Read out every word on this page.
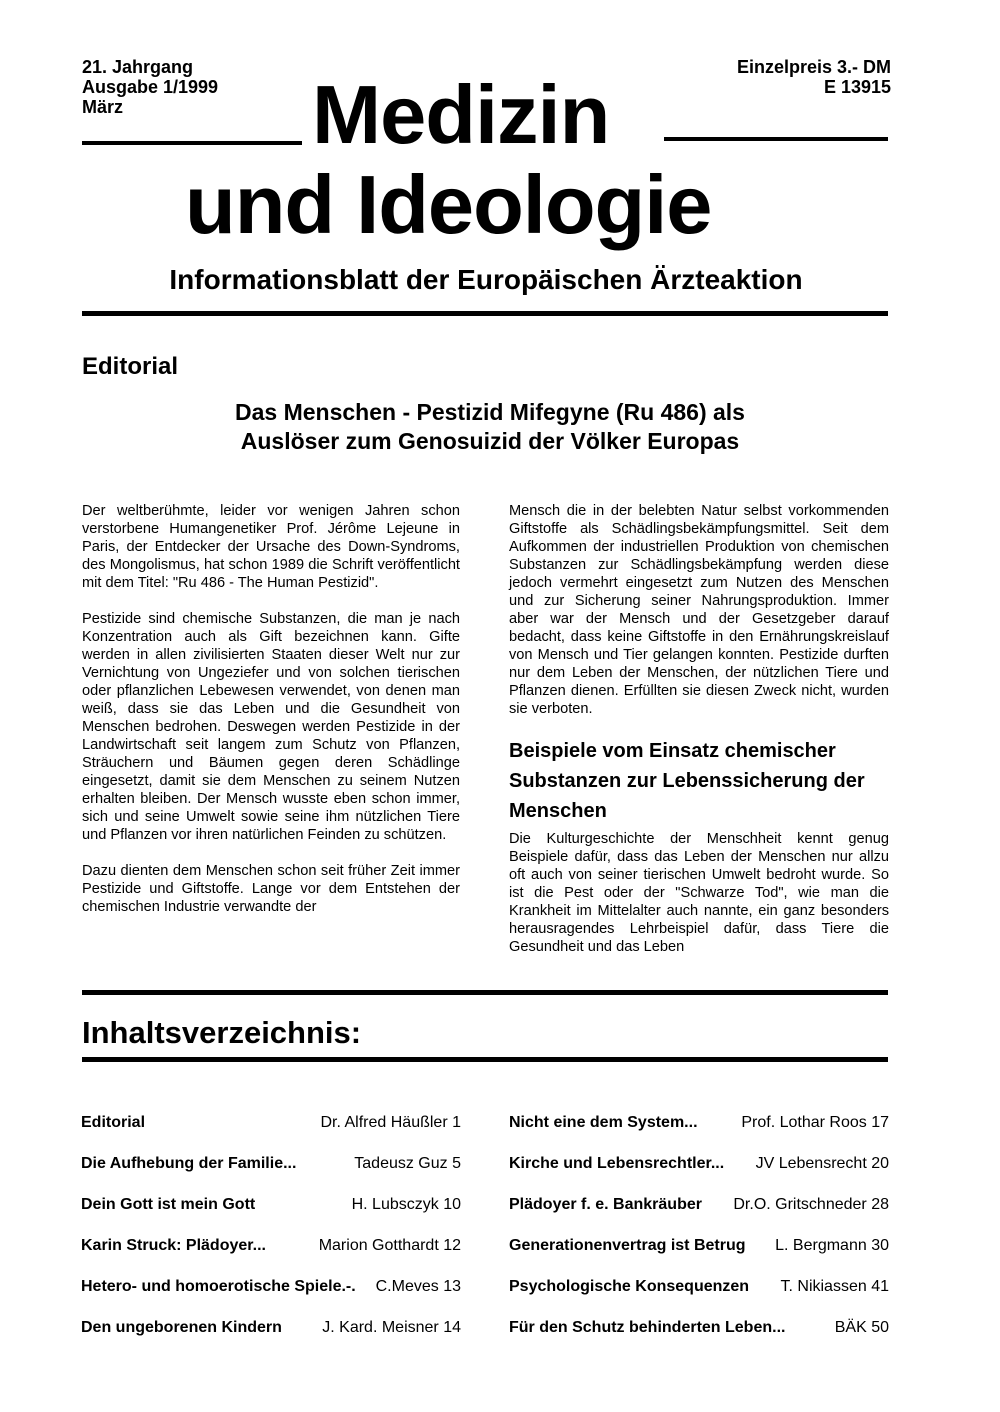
21. Jahrgang
Ausgabe 1/1999
März
Einzelpreis 3.- DM
E 13915
Medizin
und Ideologie
Informationsblatt der Europäischen Ärzteaktion
Editorial
Das Menschen - Pestizid Mifegyne (Ru 486) als
Auslöser zum Genosuizid der Völker Europas

Der weltberühmte, leider vor wenigen Jahren schon verstorbene Humangenetiker Prof. Jérôme Lejeune in Paris, der Entdecker der Ursache des Down-Syndroms, des Mongolismus, hat schon 1989 die Schrift veröffentlicht mit dem Titel: "Ru 486 - The Human Pestizid".

Pestizide sind chemische Substanzen, die man je nach Konzentration auch als Gift bezeichnen kann. Gifte werden in allen zivilisierten Staaten dieser Welt nur zur Vernichtung von Ungeziefer und von solchen tierischen oder pflanzlichen Lebewesen verwendet, von denen man weiß, dass sie das Leben und die Gesundheit von Menschen bedrohen. Deswegen werden Pestizide in der Landwirtschaft seit langem zum Schutz von Pflanzen, Sträuchern und Bäumen gegen deren Schädlinge eingesetzt, damit sie dem Menschen zu seinem Nutzen erhalten bleiben. Der Mensch wusste eben schon immer, sich und seine Umwelt sowie seine ihm nützlichen Tiere und Pflanzen vor ihren natürlichen Feinden zu schützen.

Dazu dienten dem Menschen schon seit früher Zeit immer Pestizide und Giftstoffe. Lange vor dem Entstehen der chemischen Industrie verwandte der

Mensch die in der belebten Natur selbst vorkommenden Giftstoffe als Schädlingsbekämpfungsmittel. Seit dem Aufkommen der industriellen Produktion von chemischen Substanzen zur Schädlingsbekämpfung werden diese jedoch vermehrt eingesetzt zum Nutzen des Menschen und zur Sicherung seiner Nahrungsproduktion. Immer aber war der Mensch und der Gesetzgeber darauf bedacht, dass keine Giftstoffe in den Ernährungskreislauf von Mensch und Tier gelangen konnten. Pestizide durften nur dem Leben der Menschen, der nützlichen Tiere und Pflanzen dienen. Erfüllten sie diesen Zweck nicht, wurden sie verboten.

Beispiele vom Einsatz chemischer Substanzen zur Lebenssicherung der Menschen

Die Kulturgeschichte der Menschheit kennt genug Beispiele dafür, dass das Leben der Menschen nur allzu oft auch von seiner tierischen Umwelt bedroht wurde. So ist die Pest oder der "Schwarze Tod", wie man die Krankheit im Mittelalter auch nannte, ein ganz besonders herausragendes Lehrbeispiel dafür, dass Tiere die Gesundheit und das Leben

Inhaltsverzeichnis:
Editorial	Dr. Alfred Häußler 1
Die Aufhebung der Familie...	Tadeusz Guz 5
Dein Gott ist mein Gott	H. Lubsczyk 10
Karin Struck: Plädoyer...	Marion Gotthardt 12
Hetero- und homoerotische Spiele.-. C.Meves 13
Den ungeborenen Kindern	J. Kard. Meisner 14
Nicht eine dem System...	Prof. Lothar Roos 17
Kirche und Lebensrechtler... JV Lebensrecht 20
Plädoyer f. e. Bankräuber Dr.O. Gritschneder 28
Generationenvertrag ist Betrug L. Bergmann 30
Psychologische Konsequenzen T. Nikiassen 41
Für den Schutz behinderten Leben...	BÄK 50
